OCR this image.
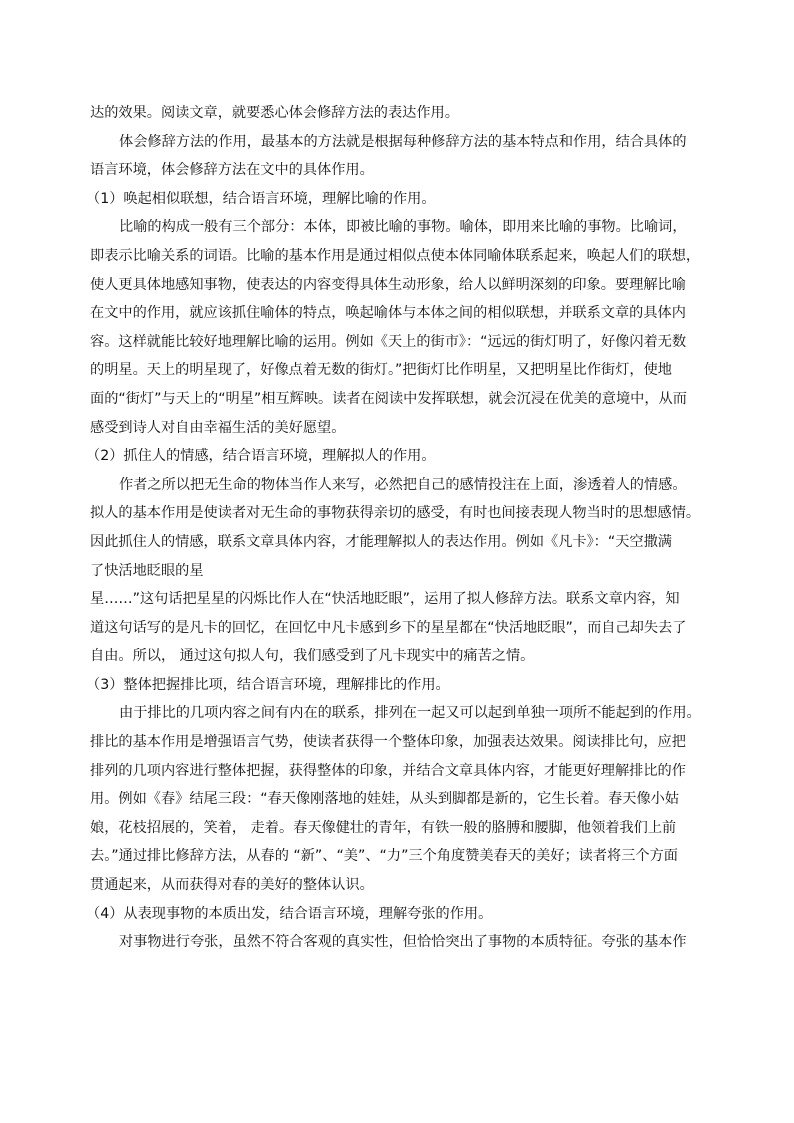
达的效果。阅读文章，就要悉心体会修辞方法的表达作用。
体会修辞方法的作用，最基本的方法就是根据每种修辞方法的基本特点和作用，结合具体的
语言环境，体会修辞方法在文中的具体作用。
（1）唤起相似联想，结合语言环境，理解比喻的作用。
比喻的构成一般有三个部分：本体，即被比喻的事物。喻体，即用来比喻的事物。比喻词，
即表示比喻关系的词语。比喻的基本作用是通过相似点使本体同喻体联系起来，唤起人们的联想，
使人更具体地感知事物，使表达的内容变得具体生动形象，给人以鲜明深刻的印象。要理解比喻
在文中的作用，就应该抓住喻体的特点，唤起喻体与本体之间的相似联想，并联系文章的具体内
容。这样就能比较好地理解比喻的运用。例如《天上的街市》：“远远的街灯明了，好像闪着无数
的明星。天上的明星现了，好像点着无数的街灯。”把街灯比作明星，又把明星比作街灯，使地
面的“街灯”与天上的“明星”相互辉映。读者在阅读中发挥联想，就会沉浸在优美的意境中，从而
感受到诗人对自由幸福生活的美好愿望。
（2）抓住人的情感，结合语言环境，理解拟人的作用。
作者之所以把无生命的物体当作人来写，必然把自己的感情投注在上面，渗透着人的情感。
拟人的基本作用是使读者对无生命的事物获得亲切的感受，有时也间接表现人物当时的思想感情。
因此抓住人的情感，联系文章具体内容，才能理解拟人的表达作用。例如《凡卡》：“天空撒满
了快活地眨眼的星
星……”这句话把星星的闪烁比作人在“快活地眨眼”，运用了拟人修辞方法。联系文章内容，知
道这句话写的是凡卡的回忆，在回忆中凡卡感到乡下的星星都在“快活地眨眼”，而自己却失去了
自由。所以， 通过这句拟人句，我们感受到了凡卡现实中的痛苦之情。
（3）整体把握排比项，结合语言环境，理解排比的作用。
由于排比的几项内容之间有内在的联系，排列在一起又可以起到单独一项所不能起到的作用。
排比的基本作用是增强语言气势，使读者获得一个整体印象，加强表达效果。阅读排比句，应把
排列的几项内容进行整体把握，获得整体的印象，并结合文章具体内容，才能更好理解排比的作
用。例如《春》结尾三段：“春天像刚落地的娃娃，从头到脚都是新的，它生长着。春天像小姑
娘，花枝招展的，笑着， 走着。春天像健壮的青年，有铁一般的胳膊和腰脚，他领着我们上前
去。”通过排比修辞方法，从春的 “新”、“美”、“力”三个角度赞美春天的美好；读者将三个方面
贯通起来，从而获得对春的美好的整体认识。
（4）从表现事物的本质出发，结合语言环境，理解夸张的作用。
对事物进行夸张，虽然不符合客观的真实性，但恰恰突出了事物的本质特征。夸张的基本作
